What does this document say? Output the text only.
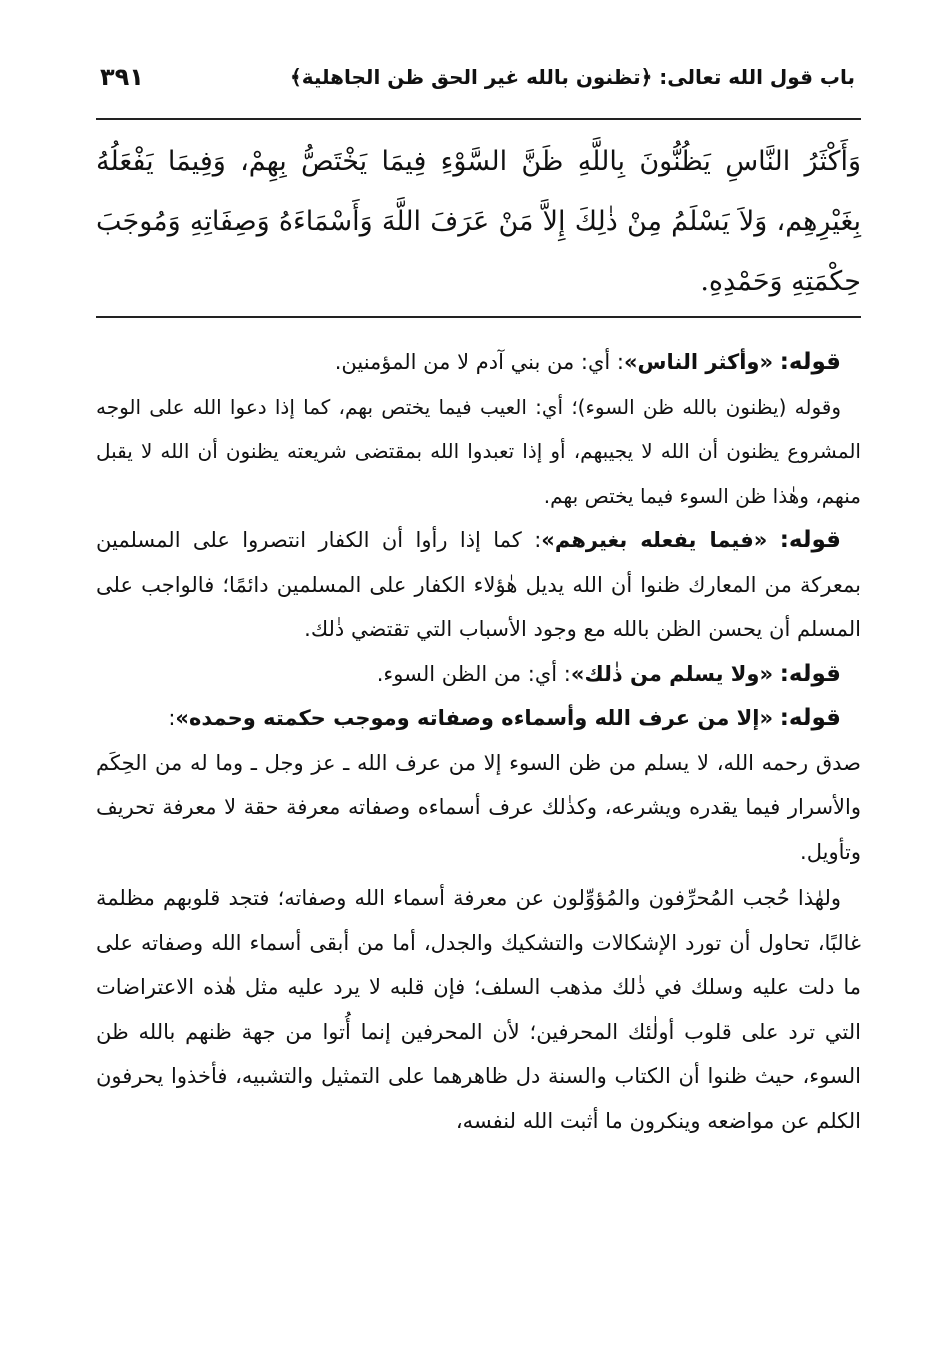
باب قول الله تعالى: ﴿تظنون بالله غير الحق ظن الجاهلية﴾
٣٩١
وَأَكْثَرُ النَّاسِ يَظُنُّونَ بِاللَّهِ ظَنَّ السَّوْءِ فِيمَا يَخْتَصُّ بِهِمْ، وَفِيمَا يَفْعَلُهُ بِغَيْرِهِم، وَلاَ يَسْلَمُ مِنْ ذٰلِكَ إِلاَّ مَنْ عَرَفَ اللَّهَ وَأَسْمَاءَهُ وَصِفَاتِهِ وَمُوجَبَ حِكْمَتِهِ وَحَمْدِهِ.

قوله: «وأكثر الناس»: أي: من بني آدم لا من المؤمنين.

وقوله (يظنون بالله ظن السوء)؛ أي: العيب فيما يختص بهم، كما إذا دعوا الله على الوجه المشروع يظنون أن الله لا يجيبهم، أو إذا تعبدوا الله بمقتضى شريعته يظنون أن الله لا يقبل منهم، وهٰذا ظن السوء فيما يختص بهم.

قوله: «فيما يفعله بغيرهم»: كما إذا رأوا أن الكفار انتصروا على المسلمين بمعركة من المعارك ظنوا أن الله يديل هٰؤلاء الكفار على المسلمين دائمًا؛ فالواجب على المسلم أن يحسن الظن بالله مع وجود الأسباب التي تقتضي ذٰلك.

قوله: «ولا يسلم من ذٰلك»: أي: من الظن السوء.

قوله: «إلا من عرف الله وأسماءه وصفاته وموجب حكمته وحمده»:

صدق رحمه الله، لا يسلم من ظن السوء إلا من عرف الله ـ عز وجل ـ وما له من الحِكَم والأسرار فيما يقدره ويشرعه، وكذٰلك عرف أسماءه وصفاته معرفة حقة لا معرفة تحريف وتأويل.

ولهٰذا حُجب المُحرِّفون والمُؤوِّلون عن معرفة أسماء الله وصفاته؛ فتجد قلوبهم مظلمة غالبًا، تحاول أن تورد الإشكالات والتشكيك والجدل، أما من أبقى أسماء الله وصفاته على ما دلت عليه وسلك في ذٰلك مذهب السلف؛ فإن قلبه لا يرد عليه مثل هٰذه الاعتراضات التي ترد على قلوب أولٰئك المحرفين؛ لأن المحرفين إنما أُتوا من جهة ظنهم بالله ظن السوء، حيث ظنوا أن الكتاب والسنة دل ظاهرهما على التمثيل والتشبيه، فأخذوا يحرفون الكلم عن مواضعه وينكرون ما أثبت الله لنفسه،
